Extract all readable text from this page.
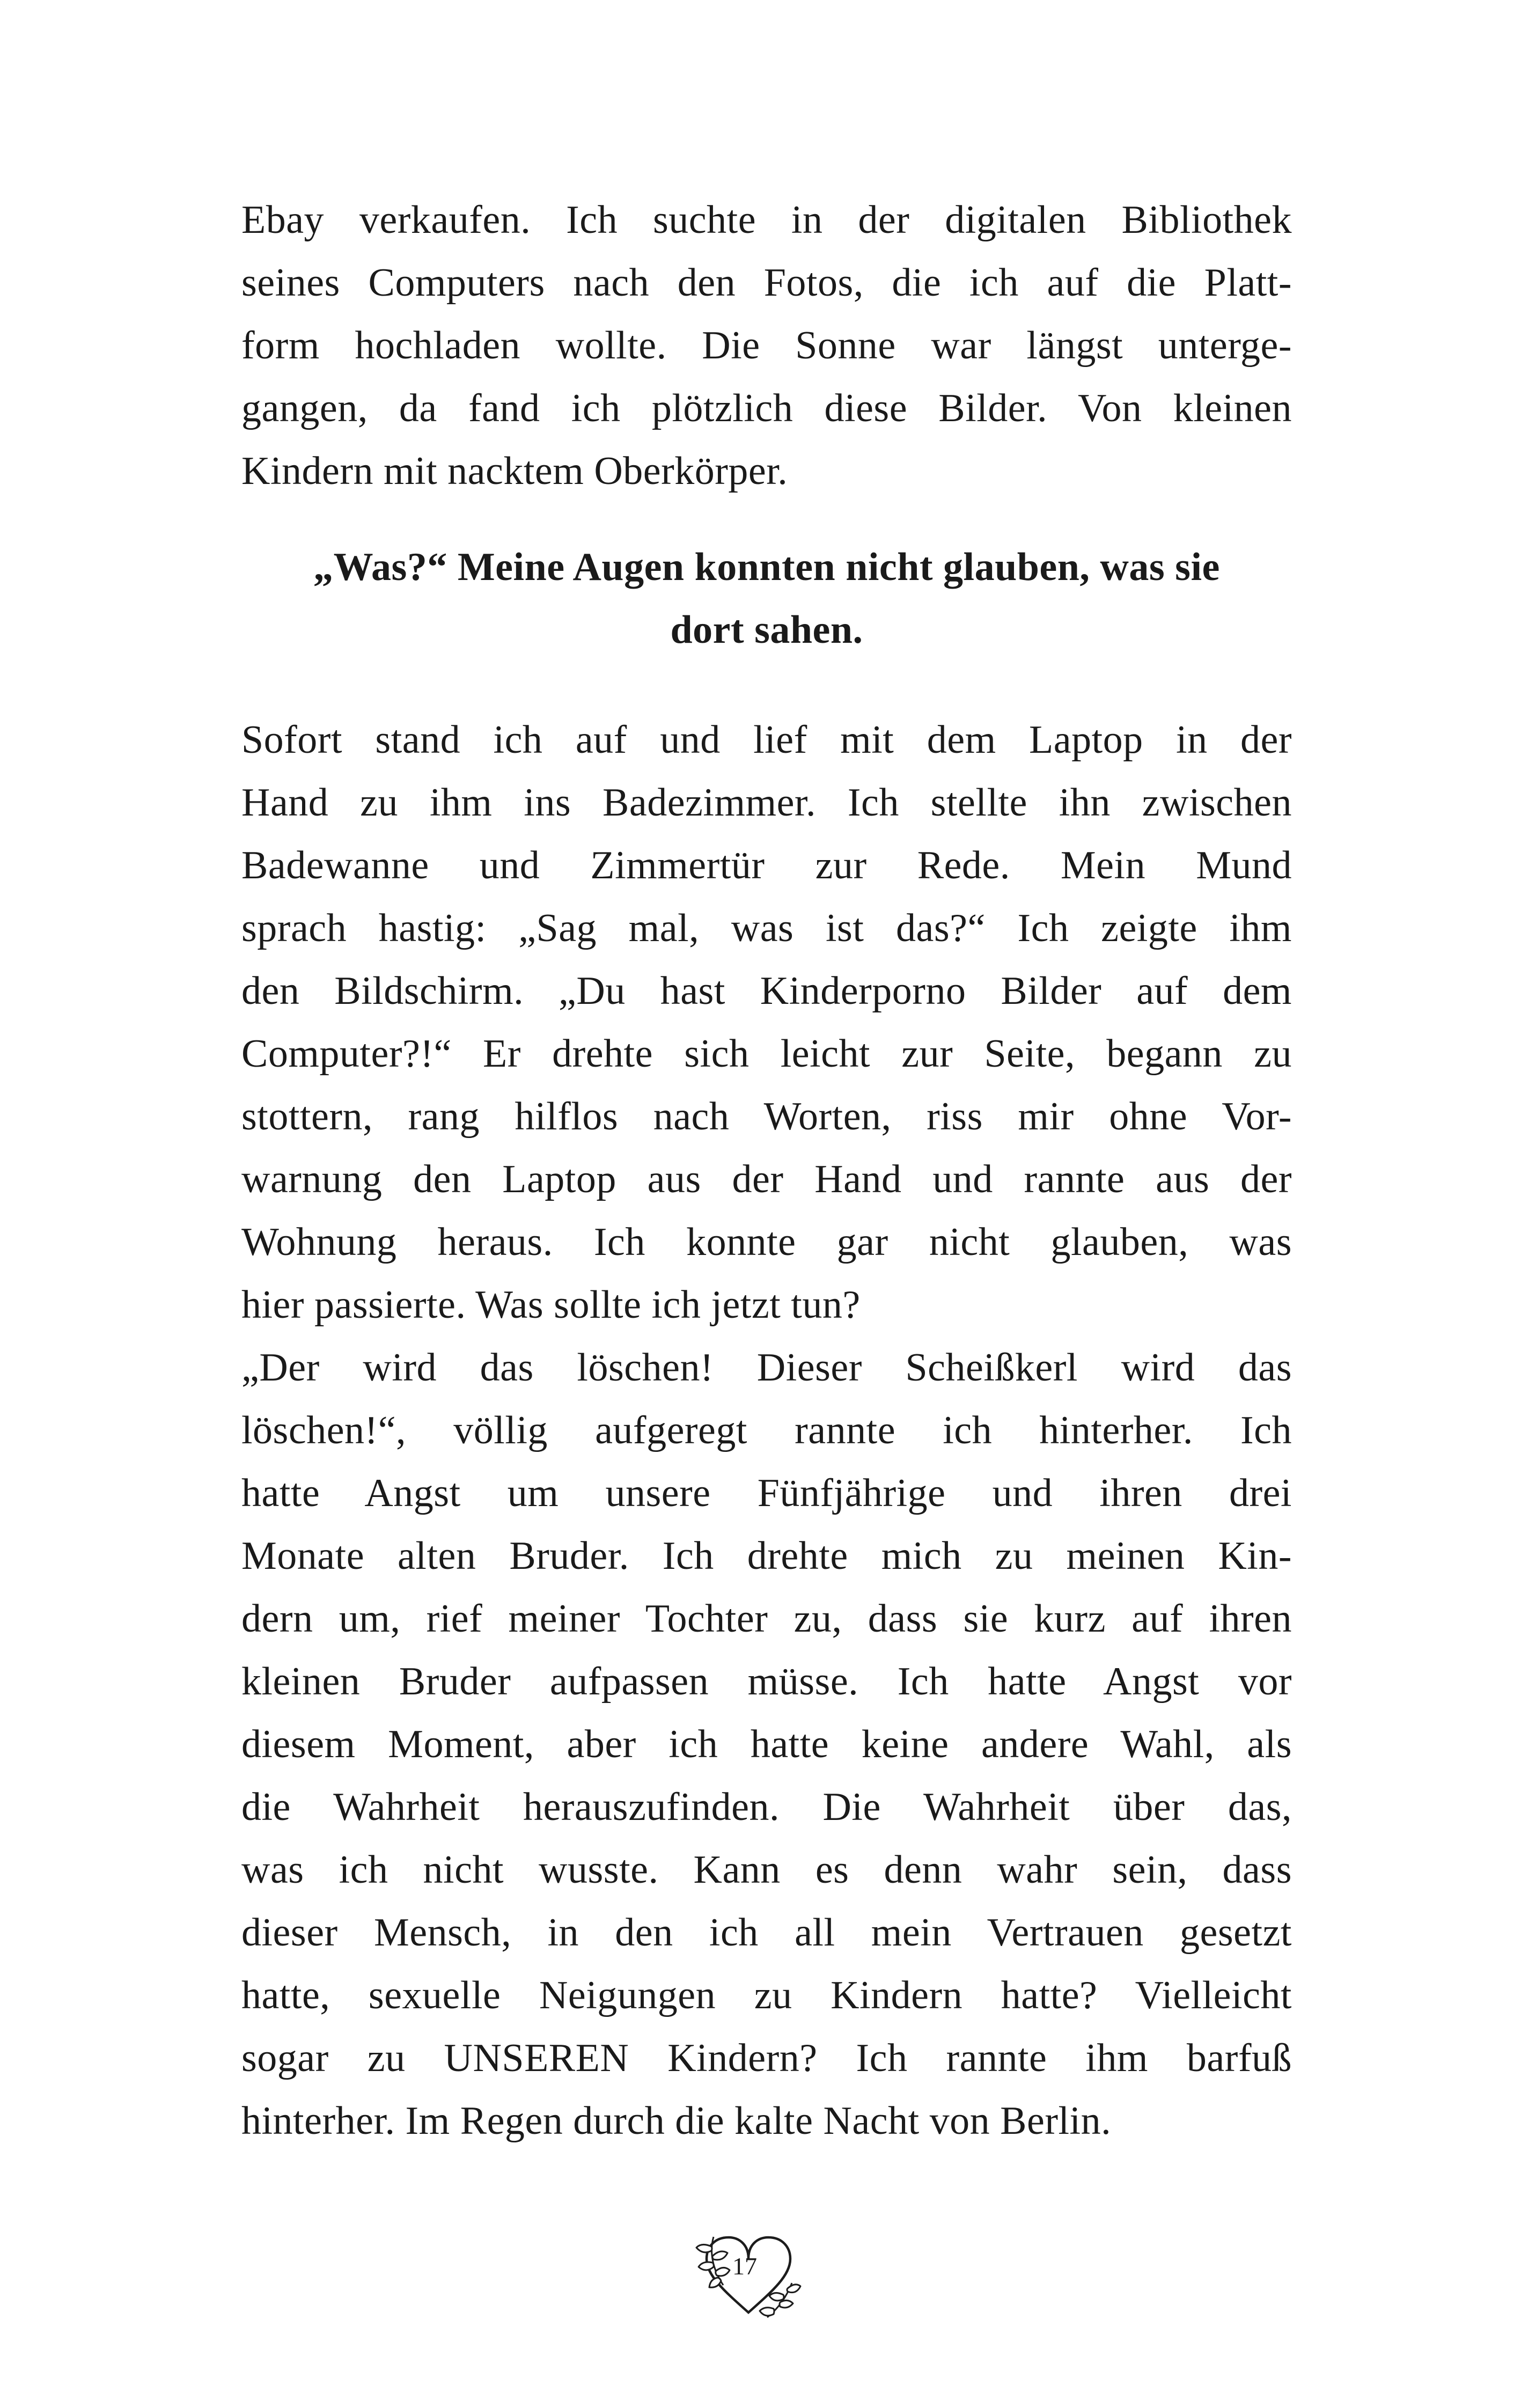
Ebay verkaufen. Ich suchte in der digitalen Bibliothek
seines Computers nach den Fotos, die ich auf die Platt-
form hochladen wollte. Die Sonne war längst unterge-
gangen, da fand ich plötzlich diese Bilder. Von kleinen
Kindern mit nacktem Oberkörper.
„Was?“ Meine Augen konnten nicht glauben, was sie
dort sahen.
Sofort stand ich auf und lief mit dem Laptop in der
Hand zu ihm ins Badezimmer. Ich stellte ihn zwischen
Badewanne und Zimmertür zur Rede. Mein Mund
sprach hastig: „Sag mal, was ist das?“ Ich zeigte ihm
den Bildschirm. „Du hast Kinderporno Bilder auf dem
Computer?!“ Er drehte sich leicht zur Seite, begann zu
stottern, rang hilflos nach Worten, riss mir ohne Vor-
warnung den Laptop aus der Hand und rannte aus der
Wohnung heraus. Ich konnte gar nicht glauben, was
hier passierte. Was sollte ich jetzt tun?
„Der wird das löschen! Dieser Scheißkerl wird das
löschen!“, völlig aufgeregt rannte ich hinterher. Ich
hatte Angst um unsere Fünfjährige und ihren drei
Monate alten Bruder. Ich drehte mich zu meinen Kin-
dern um, rief meiner Tochter zu, dass sie kurz auf ihren
kleinen Bruder aufpassen müsse. Ich hatte Angst vor
diesem Moment, aber ich hatte keine andere Wahl, als
die Wahrheit herauszufinden. Die Wahrheit über das,
was ich nicht wusste. Kann es denn wahr sein, dass
dieser Mensch, in den ich all mein Vertrauen gesetzt
hatte, sexuelle Neigungen zu Kindern hatte? Vielleicht
sogar zu UNSEREN Kindern? Ich rannte ihm barfuß
hinterher. Im Regen durch die kalte Nacht von Berlin.
17
